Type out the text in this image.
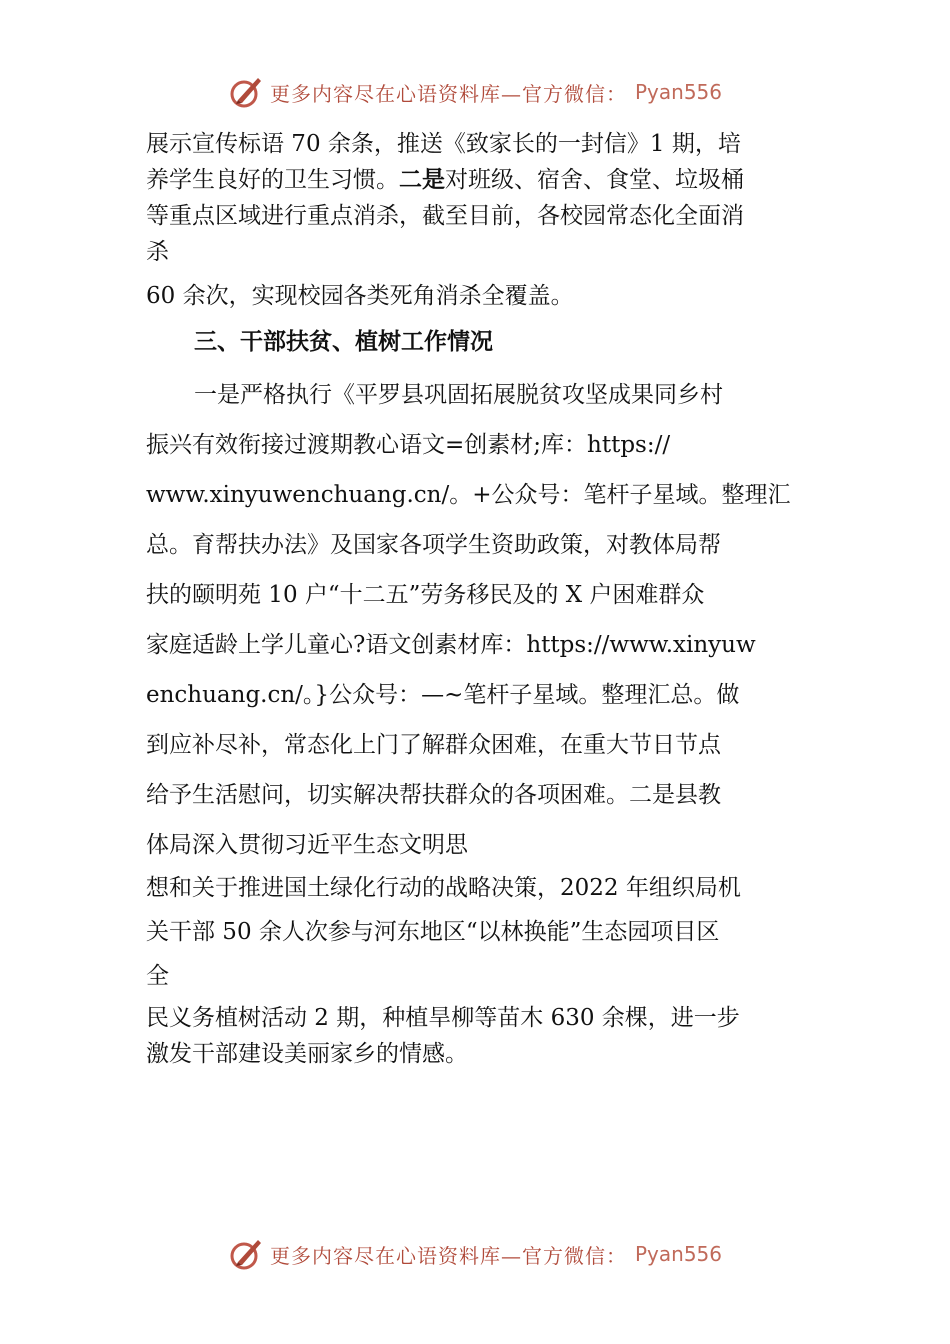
更多内容尽在心语资料库—官方微信： Pyan556
展示宣传标语 70 余条，推送《致家长的一封信》1 期，培
养学生良好的卫生习惯。二是对班级、宿舍、食堂、垃圾桶
等重点区域进行重点消杀，截至目前，各校园常态化全面消
杀
60 余次，实现校园各类死角消杀全覆盖。
三、干部扶贫、植树工作情况
一是严格执行《平罗县巩固拓展脱贫攻坚成果同乡村
振兴有效衔接过渡期教心语文=创素材;库：https://
www.xinyuwenchuang.cn/。+公众号：笔杆子星域。整理汇
总。育帮扶办法》及国家各项学生资助政策，对教体局帮
扶的颐明苑 10 户“十二五”劳务移民及的 X 户困难群众
家庭适龄上学儿童心?语文创素材库：https://www.xinyuw
enchuang.cn/。}公众号：—~笔杆子星域。整理汇总。做
到应补尽补，常态化上门了解群众困难，在重大节日节点
给予生活慰问，切实解决帮扶群众的各项困难。二是县教
体局深入贯彻习近平生态文明思
想和关于推进国土绿化行动的战略决策，2022 年组织局机
关干部 50 余人次参与河东地区“以林换能”生态园项目区
全
民义务植树活动 2 期，种植旱柳等苗木 630 余棵，进一步
激发干部建设美丽家乡的情感。
更多内容尽在心语资料库—官方微信： Pyan556
